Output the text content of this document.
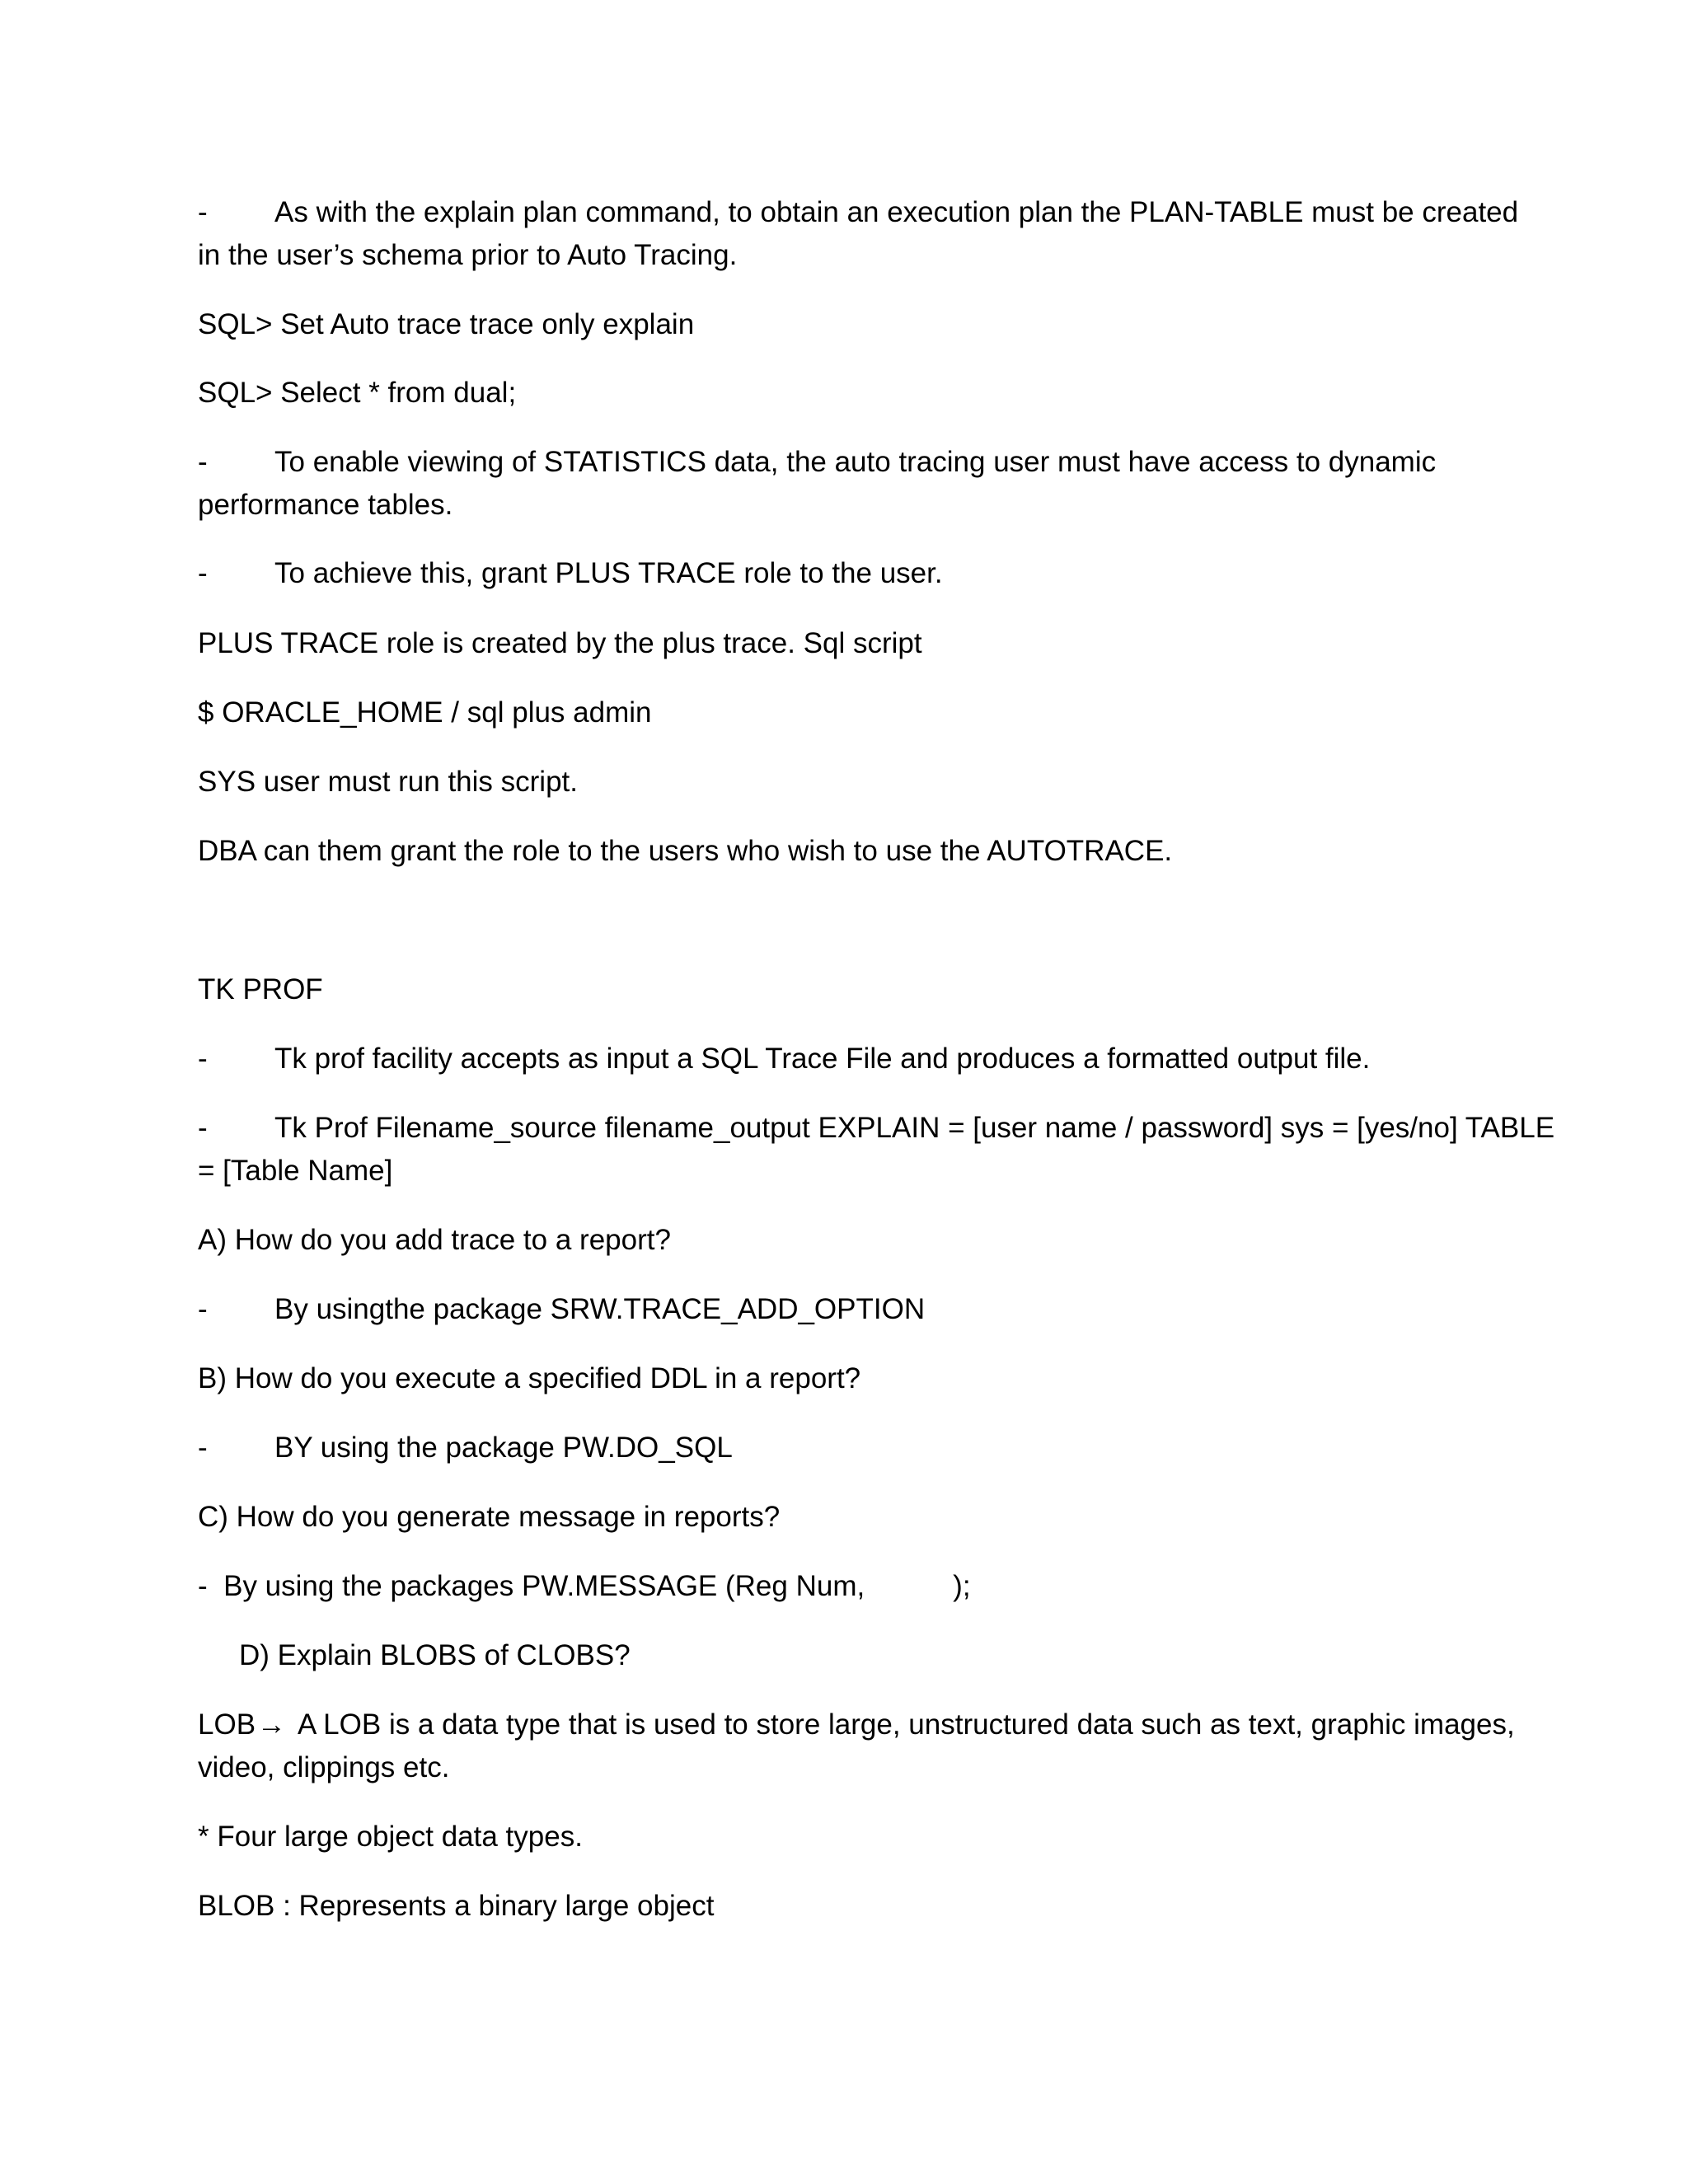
- As with the explain plan command, to obtain an execution plan the PLAN-TABLE must be created
in the user’s schema prior to Auto Tracing.
SQL> Set Auto trace trace only explain
SQL> Select * from dual;
- To enable viewing of STATISTICS data, the auto tracing user must have access to dynamic
performance tables.
- To achieve this, grant PLUS TRACE role to the user.
PLUS TRACE role is created by the plus trace. Sql script
$ ORACLE_HOME / sql plus admin
SYS user must run this script.
DBA can them grant the role to the users who wish to use the AUTOTRACE.
TK PROF
- Tk prof facility accepts as input a SQL Trace File and produces a formatted output file.
- Tk Prof Filename_source filename_output EXPLAIN = [user name / password] sys = [yes/no] TABLE
= [Table Name]
A) How do you add trace to a report?
- By usingthe package SRW.TRACE_ADD_OPTION
B) How do you execute a specified DDL in a report?
- BY using the package PW.DO_SQL
C) How do you generate message in reports?
-  By using the packages PW.MESSAGE (Reg Num,           );
D) Explain BLOBS of CLOBS?
LOB→ A LOB is a data type that is used to store large, unstructured data such as text, graphic images,
video, clippings etc.
* Four large object data types.
BLOB : Represents a binary large object
